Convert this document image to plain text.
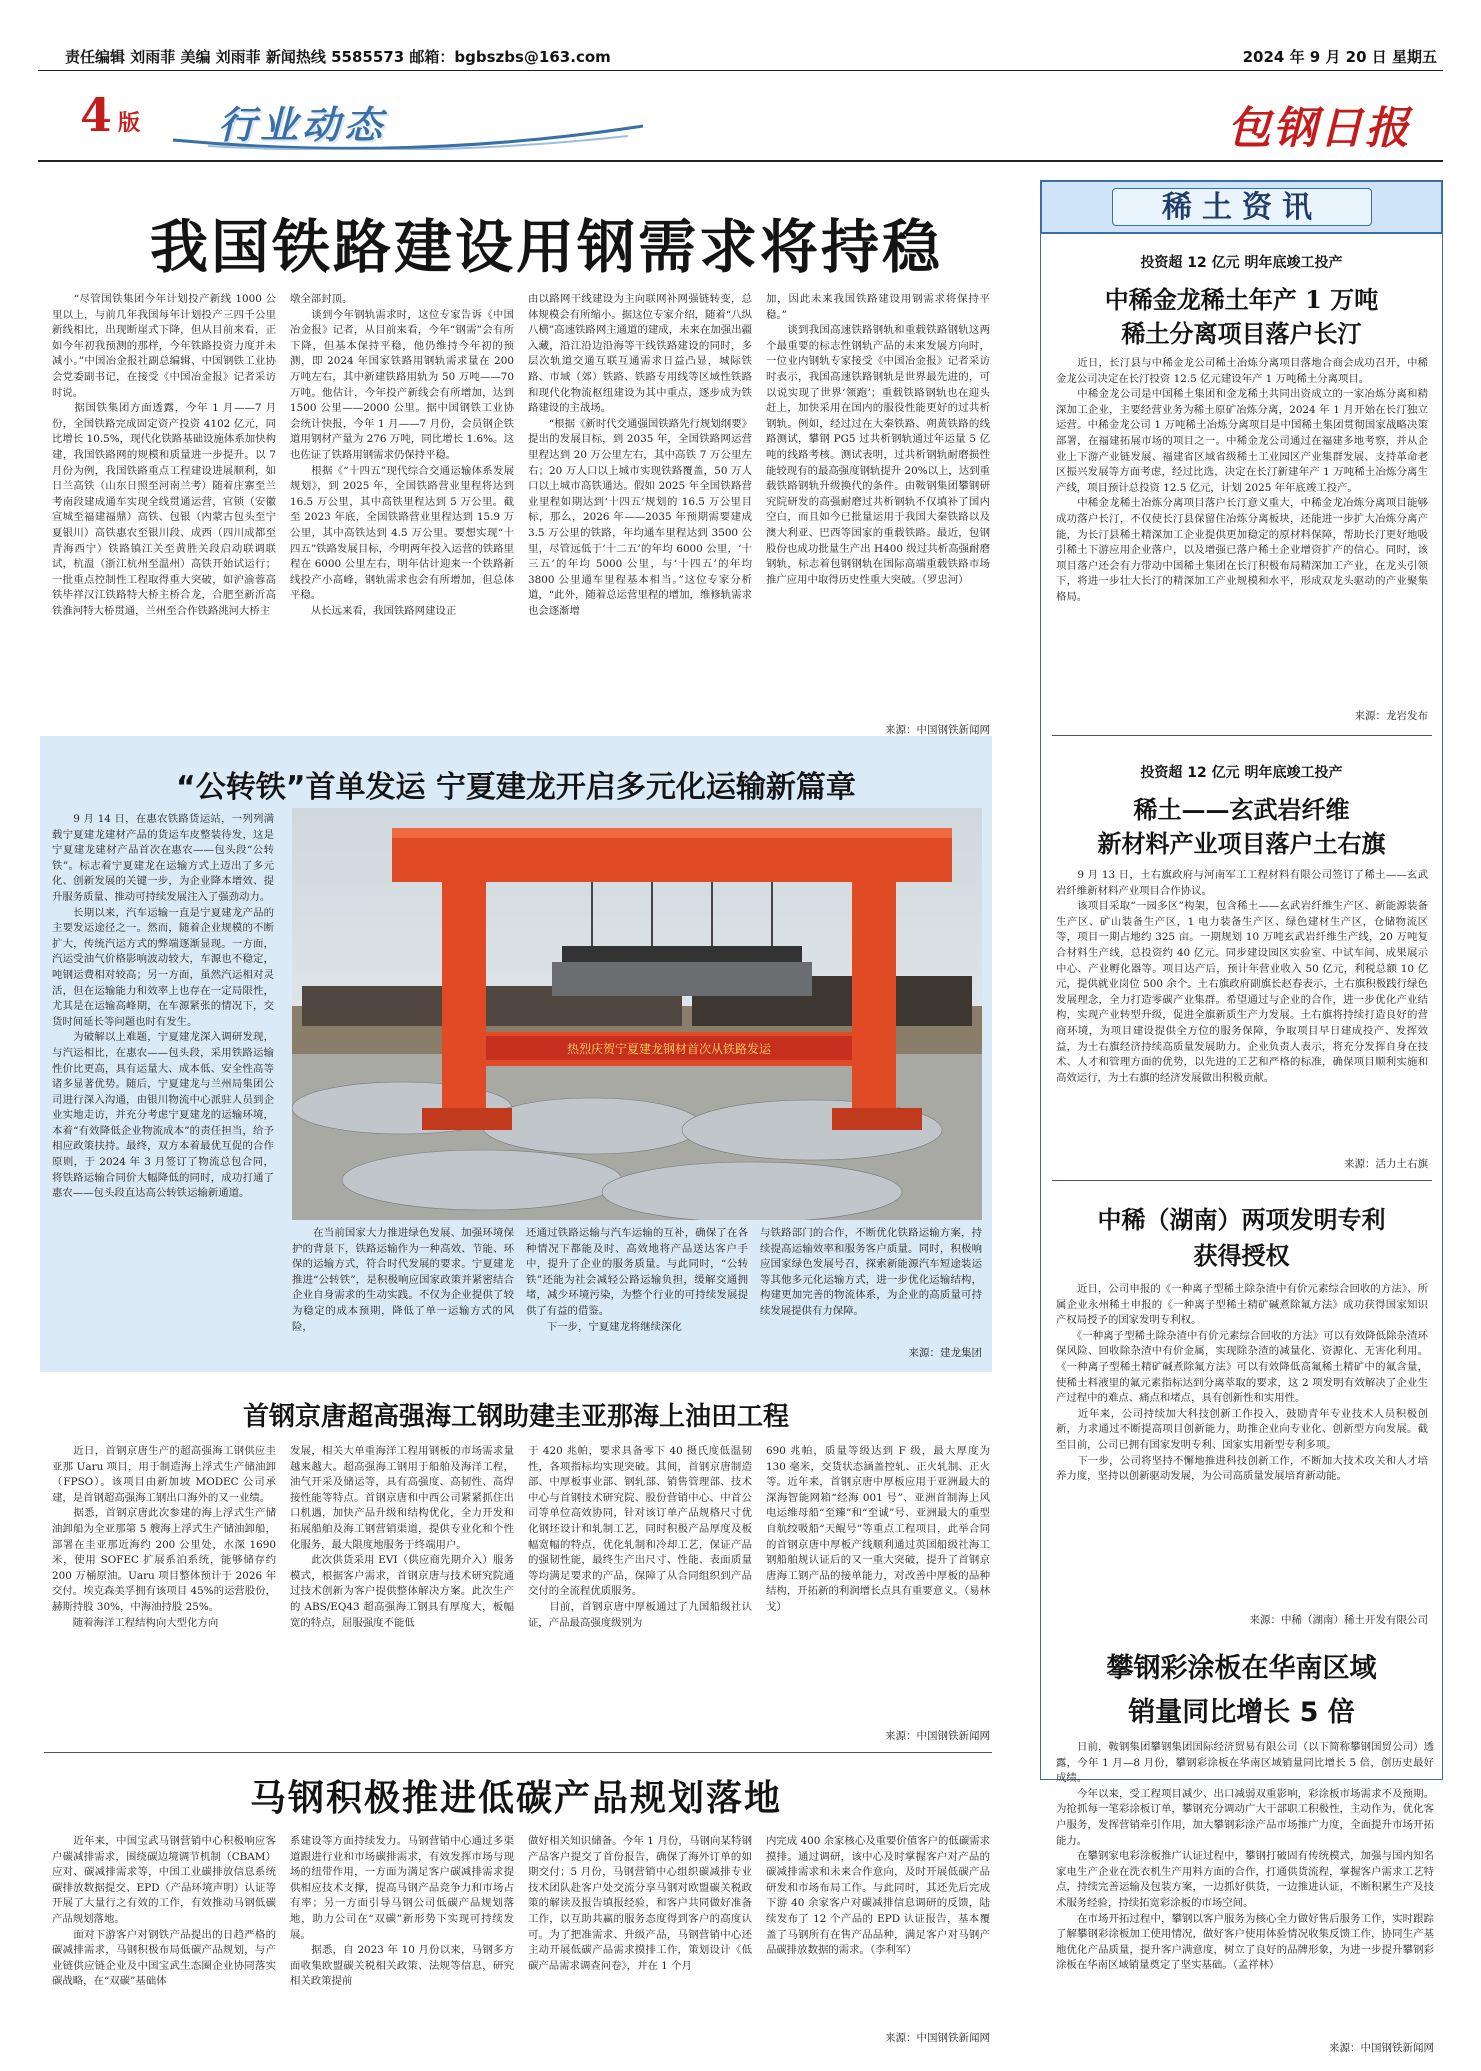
责任编辑 刘雨菲 美编 刘雨菲 新闻热线 5585573 邮箱：bgbszbs@163.com	2024 年 9 月 20 日 星期五
4 版 行业动态	包钢日报
我国铁路建设用钢需求将持稳
　　“尽管国铁集团今年计划投产新线 1000 公里以上，与前几年我国每年计划投产三四千公里新线相比，出现断崖式下降，但从目前来看，正如今年初我预测的那样，今年铁路投资力度并未减小。”中国冶金报社副总编辑、中国钢铁工业协会党委副书记，在接受《中国冶金报》记者采访时说。
　　据国铁集团方面透露，今年 1 月——7 月份，全国铁路完成固定资产投资 4102 亿元，同比增长 10.5%，现代化铁路基础设施体系加快构建，我国铁路网的规模和质量进一步提升。以 7 月份为例，我国铁路重点工程建设进展顺利，如日兰高铁（山东日照至河南兰考）随着庄寨至兰考南段建成通车实现全线贯通运营，官锁（安徽宣城至福建福鼎）高铁、包银（内蒙古包头至宁夏银川）高铁惠农至银川段、成西（四川成都至青海西宁）铁路镇江关至黄胜关段启动联调联试，杭温（浙江杭州至温州）高铁开始试运行；一批重点控制性工程取得重大突破，如沪渝蓉高铁毕祥汉江铁路特大桥主桥合龙，合肥至新沂高铁淮河特大桥贯通，兰州至合作铁路洮河大桥主
墩全部封顶。
　　谈到今年钢轨需求时，这位专家告诉《中国冶金报》记者，从目前来看，今年“钢需”会有所下降，但基本保持平稳，他仍维持今年初的预测，即 2024 年国家铁路用钢轨需求量在 200 万吨左右，其中新建铁路用轨为 50 万吨——70 万吨。他估计，今年投产新线会有所增加，达到 1500 公里——2000 公里。据中国钢铁工业协会统计快报，今年 1 月——7 月份，会员钢企铁道用钢材产量为 276 万吨，同比增长 1.6%。这也佐证了铁路用钢需求仍保持平稳。
　　根据《“十四五”现代综合交通运输体系发展规划》，到 2025 年，全国铁路营业里程将达到 16.5 万公里，其中高铁里程达到 5 万公里。截至 2023 年底，全国铁路营业里程达到 15.9 万公里，其中高铁达到 4.5 万公里。要想实现“十四五”铁路发展目标，今明两年投入运营的铁路里程在 6000 公里左右，明年估计迎来一个铁路新线投产小高峰，钢轨需求也会有所增加，但总体平稳。
　　从长远来看，我国铁路网建设正
由以路网干线建设为主向联网补网强链转变，总体规模会有所缩小。据这位专家介绍，随着“八纵八横”高速铁路网主通道的建成，未来在加强出疆入藏，沿江沿边沿海等干线铁路建设的同时，多层次轨道交通互联互通需求日益凸显，城际铁路、市域（郊）铁路、铁路专用线等区域性铁路和现代化物流枢纽建设为其中重点，逐步成为铁路建设的主战场。
　　“根据《新时代交通强国铁路先行规划纲要》提出的发展目标，到 2035 年，全国铁路网运营里程达到 20 万公里左右，其中高铁 7 万公里左右；20 万人口以上城市实现铁路覆盖，50 万人口以上城市高铁通达。假如 2025 年全国铁路营业里程如期达到‘十四五’规划的 16.5 万公里目标，那么，2026 年——2035 年预期需要建成 3.5 万公里的铁路，年均通车里程达到 3500 公里，尽管远低于‘十二五’的年均 6000 公里，‘十三五’的年均 5000 公里，与‘十四五’的年均 3800 公里通车里程基本相当。”这位专家分析道，“此外，随着总运营里程的增加，维修轨需求也会逐渐增
加，因此未来我国铁路建设用钢需求将保持平稳。”
　　谈到我国高速铁路钢轨和重载铁路钢轨这两个最重要的标志性钢轨产品的未来发展方向时，一位业内钢轨专家接受《中国冶金报》记者采访时表示，我国高速铁路钢轨是世界最先进的，可以说实现了世界‘领跑’；重载铁路钢轨也在迎头赶上，加快采用在国内的服役性能更好的过共析钢轨。例如，经过过在大秦铁路、朔黄铁路的线路测试，攀钢 PG5 过共析钢轨通过年运量 5 亿吨的线路考核。测试表明，过共析钢轨耐磨损性能较现有的最高强度钢轨提升 20%以上，达到重载铁路钢轨升级换代的条件。由鞍钢集团攀钢研究院研发的高强耐磨过共析钢轨不仅填补了国内空白，而且如今已批量运用于我国大秦铁路以及澳大利亚、巴西等国家的重载铁路。最近，包钢股份也成功批量生产出 H400 级过共析高强耐磨钢轨，标志着包钢钢轨在国际高端重载铁路市场推广应用中取得历史性重大突破。（罗忠河）
来源：中国钢铁新闻网
稀土资讯
投资超 12 亿元 明年底竣工投产
中稀金龙稀土年产 1 万吨
稀土分离项目落户长汀
　　近日，长汀县与中稀金龙公司稀土冶炼分离项目落地合商会成功召开，中稀金龙公司决定在长汀投资 12.5 亿元建设年产 1 万吨稀土分离项目。
　　中稀金龙公司是中国稀土集团和金龙稀土共同出资成立的一家冶炼分离和精深加工企业，主要经营业务为稀土原矿冶炼分离，2024 年 1 月开始在长汀独立运营。中稀金龙公司 1 万吨稀土冶炼分离项目是中国稀土集团贯彻国家战略决策部署，在福建拓展市场的项目之一。中稀金龙公司通过在福建多地考察，并从企业上下游产业链发展、福建省区域省级稀土工业园区产业集群发展、支持革命老区振兴发展等方面考虑，经过比选，决定在长汀新建年产 1 万吨稀土冶炼分离生产线，项目预计总投资 12.5 亿元，计划 2025 年年底竣工投产。
　　中稀金龙稀土冶炼分离项目落户长汀意义重大，中稀金龙冶炼分离项目能够成功落户长汀，不仅使长汀县保留住冶炼分离板块，还能进一步扩大冶炼分离产能，为长汀县稀土精深加工企业提供更加稳定的原材料保障，帮助长汀更好地吸引稀土下游应用企业落户，以及增强已落户稀土企业增资扩产的信心。同时，该项目落户还会有力带动中国稀土集团在长汀积极布局精深加工产业，在龙头引领下，将进一步壮大长汀的精深加工产业规模和水平，形成双龙头驱动的产业聚集格局。
来源：龙岩发布
投资超 12 亿元 明年底竣工投产
稀土——玄武岩纤维
新材料产业项目落户土右旗
　　9 月 13 日，土右旗政府与河南军工工程材料有限公司签订了稀土——玄武岩纤维新材料产业项目合作协议。
　　该项目采取“一园多区”构架，包含稀土——玄武岩纤维生产区、新能源装备生产区、矿山装备生产区，1 电力装备生产区、绿色建材生产区，仓储物流区等，项目一期占地约 325 亩。一期规划 10 万吨玄武岩纤维生产线，20 万吨复合材料生产线，总投资约 40 亿元。同步建设园区实验室、中试车间、成果展示中心、产业孵化器等。项目达产后，预计年营业收入 50 亿元，利税总额 10 亿元，提供就业岗位 500 余个。土右旗政府副旗长赵春表示，土右旗积极践行绿色发展理念，全力打造零碳产业集群。希望通过与企业的合作，进一步优化产业结构，实现产业转型升级，促进全旗新质生产力发展。土右旗将持续打造良好的营商环境，为项目建设提供全方位的服务保障，争取项目早日建成投产、发挥效益，为土右旗经济持续高质量发展助力。企业负责人表示，将充分发挥自身在技术、人才和管理方面的优势，以先进的工艺和严格的标准，确保项目顺利实施和高效运行，为土右旗的经济发展做出积极贡献。
来源：活力土右旗
中稀（湖南）两项发明专利
获得授权
　　近日，公司申报的《一种离子型稀土除杂渣中有价元素综合回收的方法》、所属企业永州稀土申报的《一种离子型稀土精矿碱煮除氟方法》成功获得国家知识产权局授予的国家发明专利权。
　　《一种离子型稀土除杂渣中有价元素综合回收的方法》可以有效降低除杂渣环保风险、回收除杂渣中有价金属，实现除杂渣的减量化、资源化、无害化利用。《一种离子型稀土精矿碱煮除氟方法》可以有效降低高氟稀土精矿中的氟含量，使稀土料液里的氟元素指标达到分离萃取的要求，这 2 项发明有效解决了企业生产过程中的难点、痛点和堵点，具有创新性和实用性。
　　近年来，公司持续加大科技创新工作投入，鼓励青年专业技术人员积极创新，力求通过不断提高项目创新能力，助推企业向专业化、创新型方向发展。截至目前，公司已拥有国家发明专利、国家实用新型专利多项。
　　下一步，公司将坚持不懈地推进科技创新工作，不断加大技术攻关和人才培养力度，坚持以创新驱动发展，为公司高质量发展培育新动能。
来源：中稀（湖南）稀土开发有限公司
攀钢彩涂板在华南区域
销量同比增长 5 倍
　　日前，鞍钢集团攀钢集团国际经济贸易有限公司（以下简称攀钢国贸公司）透露，今年 1 月—8 月份，攀钢彩涂板在华南区域销量同比增长 5 倍，创历史最好成绩。
　　今年以来，受工程项目减少、出口减弱双重影响，彩涂板市场需求不及预期。为抢抓每一笔彩涂板订单，攀钢充分调动广大干部职工积极性，主动作为，优化客户服务，发挥营销牵引作用，加大攀钢彩涂产品市场推广力度，全面提升市场开拓能力。
　　在攀钢家电彩涂板推广认证过程中，攀钢打破固有传统模式，加强与国内知名家电生产企业在洗衣机生产用料方面的合作，打通供货流程，掌握客户需求工艺特点，持续完善运输及包装方案，一边抓好供货，一边推进认证，不断积累生产及技术服务经验，持续拓宽彩涂板的市场空间。
　　在市场开拓过程中，攀钢以客户服务为核心全力做好售后服务工作，实时跟踪了解攀钢彩涂板加工使用情况，做好客户使用体验情况收集反馈工作，协同生产基地优化产品质量，提升客户满意度，树立了良好的品牌形象，为进一步提升攀钢彩涂板在华南区域销量奠定了坚实基础。（孟祥林）
来源：中国钢铁新闻网
“公转铁”首单发运 宁夏建龙开启多元化运输新篇章
　　9 月 14 日，在惠农铁路货运站，一列列满载宁夏建龙建材产品的货运车皮整装待发，这是宁夏建龙建材产品首次在惠农——包头段“公转铁”。标志着宁夏建龙在运输方式上迈出了多元化、创新发展的关键一步，为企业降本增效、提升服务质量、推动可持续发展注入了强劲动力。
　　长期以来，汽车运输一直是宁夏建龙产品的主要发运途径之一。然而，随着企业规模的不断扩大，传统汽运方式的弊端逐渐显现。一方面，汽运受油气价格影响波动较大，车源也不稳定，吨钢运费相对较高；另一方面，虽然汽运相对灵活，但在运输能力和效率上也存在一定局限性，尤其是在运输高峰期，在车源紧张的情况下，交货时间延长等问题也时有发生。
　　为破解以上难题，宁夏建龙深入调研发现，与汽运相比，在惠农——包头段，采用铁路运输性价比更高，具有运量大、成本低、安全性高等诸多显著优势。随后，宁夏建龙与兰州局集团公司进行深入沟通，由银川物流中心派驻人员到企业实地走访，并充分考虑宁夏建龙的运输环境，本着“有效降低企业物流成本”的责任担当，给予相应政策扶持。最终，双方本着最优互促的合作原则，于 2024 年 3 月签订了物流总包合同，将铁路运输合同价大幅降低的同时，成功打通了惠农——包头段直达高公转铁运输新通道。
热烈庆贺宁夏建龙钢材首次从铁路发运
　　在当前国家大力推进绿色发展、加强环境保护的背景下，铁路运输作为一种高效、节能、环保的运输方式，符合时代发展的要求。宁夏建龙推进“公转铁”，是积极响应国家政策并紧密结合企业自身需求的生动实践。不仅为企业提供了较为稳定的成本预期，降低了单一运输方式的风险，
还通过铁路运输与汽车运输的互补，确保了在各种情况下都能及时、高效地将产品送达客户手中，提升了企业的服务质量。与此同时，“公转铁”还能为社会减轻公路运输负担，缓解交通拥堵，减少环境污染，为整个行业的可持续发展提供了有益的借鉴。
　　下一步，宁夏建龙将继续深化
与铁路部门的合作，不断优化铁路运输方案，持续提高运输效率和服务客户质量。同时，积极响应国家绿色发展号召，探索新能源汽车短途装运等其他多元化运输方式，进一步优化运输结构，构建更加完善的物流体系，为企业的高质量可持续发展提供有力保障。
来源：建龙集团
首钢京唐超高强海工钢助建圭亚那海上油田工程
　　近日，首钢京唐生产的超高强海工钢供应圭亚那 Uaru 项目，用于制造海上浮式生产储油卸（FPSO）。该项目由新加坡 MODEC 公司承建，是首钢超高强海工钢出口海外的又一业绩。
　　据悉，首钢京唐此次参建的海上浮式生产储油卸船为全亚那第 5 艘海上浮式生产储油卸船，部署在圭亚那近海约 200 公里处，水深 1690 米，使用 SOFEC 扩展系泊系统，能够储存约 200 万桶原油。Uaru 项目整体预计于 2026 年交付。埃克森美孚拥有该项目 45%的运营股份，赫斯持股 30%，中海油持股 25%。
　　随着海洋工程结构向大型化方向
发展，相关大单重海洋工程用钢板的市场需求量越来越大。超高强海工钢用于船舶及海洋工程，油气开采及储运等，具有高强度、高韧性、高焊接性能等特点。首钢京唐和中西公司紧紧抓住出口机遇，加快产品升级和结构优化，全力开发和拓展船舶及海工钢营销渠道，提供专业化和个性化服务，最大限度地服务于终端用户。
　　此次供货采用 EVI（供应商先期介入）服务模式，根据客户需求，首钢京唐与技术研究院通过技术创新为客户提供整体解决方案。此次生产的 ABS/EQ43 超高强海工钢具有厚度大，板幅宽的特点，屈服强度不能低
于 420 兆帕，要求具备零下 40 摄氏度低温韧性，各项指标均实现突破。其间，首钢京唐制造部、中厚板事业部、钢轧部、销售管理部、技术中心与首钢技术研究院、股份营销中心、中首公司等单位高效协同，针对该订单产品规格尺寸优化钢坯设计和轧制工艺，同时积极产品厚度及板幅宽幅的特点，优化轧制和冷却工艺，保证产品的强韧性能，最终生产出尺寸、性能、表面质量等均满足要求的产品，保障了从合同组织到产品交付的全流程优质服务。
　　目前，首钢京唐中厚板通过了九国船级社认证，产品最高强度级别为
690 兆帕，质量等级达到 F 级，最大厚度为 130 毫米，交货状态涵盖控轧、正火轧制、正火等。近年来，首钢京唐中厚板应用于亚洲最大的深海智能网箱“经海 001 号”、亚洲首制海上风电运维母船“至臻”和“至诚”号、亚洲最大的重型自航绞吸船“天鲲号”等重点工程项目，此举合同的首钢京唐中厚板产线顺利通过英国船级社海工钢船舶规认证后的又一重大突破，提升了首钢京唐海工钢产品的接单能力，对改善中厚板的品种结构，开拓新的利润增长点具有重要意义。（易林戈）
来源：中国钢铁新闻网
马钢积极推进低碳产品规划落地
　　近年来，中国宝武马钢营销中心积极响应客户碳减排需求，围绕碳边境调节机制（CBAM）应对、碳减排需求等，中国工业碳排放信息系统碳排放数据提交、EPD（产品环境声明）认证等开展了大量行之有效的工作，有效推动马钢低碳产品规划落地。
　　面对下游客户对钢铁产品提出的日趋严格的碳减排需求，马钢积极布局低碳产品规划，与产业链供应链企业及中国宝武生态圈企业协同落实碳战略，在“双碳”基础体
系建设等方面持续发力。马钢营销中心通过多渠道跟进行业和市场碳排需求，有效发挥市场与现场的纽带作用，一方面为满足客户碳减排需求提供相应技术支撑，提高马钢产品竞争力和市场占有率；另一方面引导马钢公司低碳产品规划落地，助力公司在“双碳”新形势下实现可持续发展。
　　据悉，自 2023 年 10 月份以来，马钢多方面收集欧盟碳关税相关政策、法规等信息，研究相关政策提前
做好相关知识储备。今年 1 月份，马钢向某特钢产品客户提交了首份报告，确保了海外订单的如期交付；5 月份，马钢营销中心组织碳减排专业技术团队赴客户处交流分享马钢对欧盟碳关税政策的解读及报告填报经验，和客户共同做好准备工作，以互助共赢的服务态度得到客户的高度认可。为了把准需求、升级产品，马钢营销中心还主动开展低碳产品需求摸排工作，策划设计《低碳产品需求调查问卷》，并在 1 个月
内完成 400 余家核心及重要价值客户的低碳需求摸排。通过调研，该中心及时掌握客户对产品的碳减排需求和未来合作意向，及时开展低碳产品研发和市场布局工作。与此同时，其还先后完成下游 40 余家客户对碳减排信息调研的反馈，陆续发布了 12 个产品的 EPD 认证报告，基本覆盖了马钢所有在售产品品种，满足客户对马钢产品碳排放数据的需求。（李利军）
来源：中国钢铁新闻网
